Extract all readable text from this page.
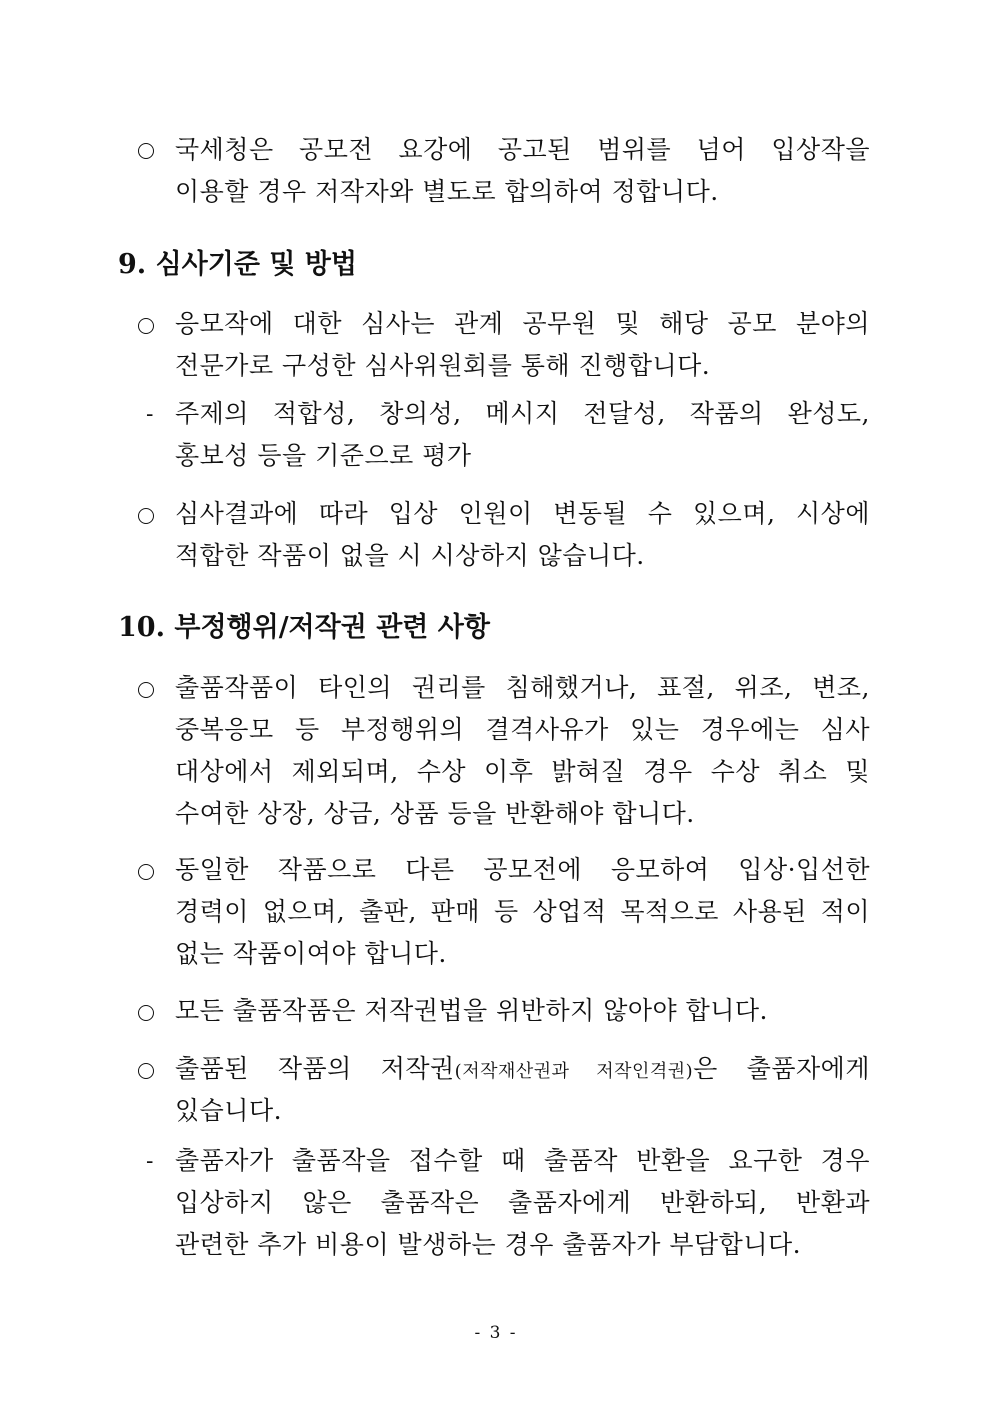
국세청은 공모전 요강에 공고된 범위를 넘어 입상작을
이용할 경우 저작자와 별도로 합의하여 정합니다.
9. 심사기준 및 방법
응모작에 대한 심사는 관계 공무원 및 해당 공모 분야의
전문가로 구성한 심사위원회를 통해 진행합니다.
- 주제의 적합성, 창의성, 메시지 전달성, 작품의 완성도,
홍보성 등을 기준으로 평가
심사결과에 따라 입상 인원이 변동될 수 있으며, 시상에
적합한 작품이 없을 시 시상하지 않습니다.
10. 부정행위/저작권 관련 사항
출품작품이 타인의 권리를 침해했거나, 표절, 위조, 변조,
중복응모 등 부정행위의 결격사유가 있는 경우에는 심사
대상에서 제외되며, 수상 이후 밝혀질 경우 수상 취소 및
수여한 상장, 상금, 상품 등을 반환해야 합니다.
동일한 작품으로 다른 공모전에 응모하여 입상·입선한
경력이 없으며, 출판, 판매 등 상업적 목적으로 사용된 적이
없는 작품이여야 합니다.
모든 출품작품은 저작권법을 위반하지 않아야 합니다.
출품된 작품의 저작권(저작재산권과 저작인격권)은 출품자에게
있습니다.
- 출품자가 출품작을 접수할 때 출품작 반환을 요구한 경우
입상하지 않은 출품작은 출품자에게 반환하되, 반환과
관련한 추가 비용이 발생하는 경우 출품자가 부담합니다.
- 3 -
